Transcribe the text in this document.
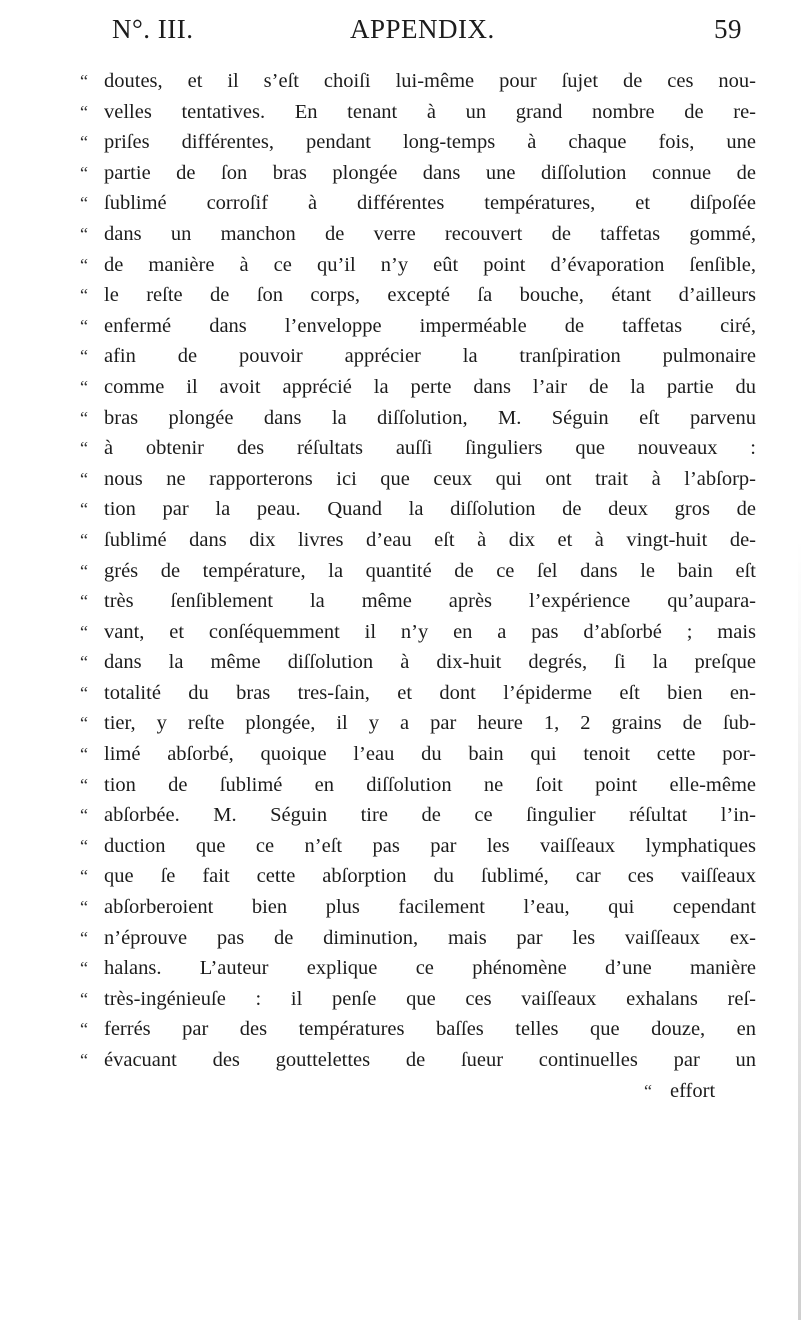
N°. III.	APPENDIX.	59
“ doutes, et il s’eſt choiſi lui-même pour ſujet de ces nou-
“ velles tentatives. En tenant à un grand nombre de re-
“ priſes différentes, pendant long-temps à chaque fois, une
“ partie de ſon bras plongée dans une diſſolution connue de
“ ſublimé corroſif à différentes températures, et diſpoſée
“ dans un manchon de verre recouvert de taffetas gommé,
“ de manière à ce qu’il n’y eût point d’évaporation ſenſible,
“ le reſte de ſon corps, excepté ſa bouche, étant d’ailleurs
“ enfermé dans l’enveloppe imperméable de taffetas ciré,
“ afin de pouvoir apprécier la tranſpiration pulmonaire
“ comme il avoit apprécié la perte dans l’air de la partie du
“ bras plongée dans la diſſolution, M. Séguin eſt parvenu
“ à obtenir des réſultats auſſi ſinguliers que nouveaux :
“ nous ne rapporterons ici que ceux qui ont trait à l’abſorp-
“ tion par la peau. Quand la diſſolution de deux gros de
“ ſublimé dans dix livres d’eau eſt à dix et à vingt-huit de-
“ grés de température, la quantité de ce ſel dans le bain eſt
“ très ſenſiblement la même après l’expérience qu’aupara-
“ vant, et conſéquemment il n’y en a pas d’abſorbé ; mais
“ dans la même diſſolution à dix-huit degrés, ſi la preſque
“ totalité du bras tres-ſain, et dont l’épiderme eſt bien en-
“ tier, y reſte plongée, il y a par heure 1, 2 grains de ſub-
“ limé abſorbé, quoique l’eau du bain qui tenoit cette por-
“ tion de ſublimé en diſſolution ne ſoit point elle-même
“ abſorbée. M. Séguin tire de ce ſingulier réſultat l’in-
“ duction que ce n’eſt pas par les vaiſſeaux lymphatiques
“ que ſe fait cette abſorption du ſublimé, car ces vaiſſeaux
“ abſorberoient bien plus facilement l’eau, qui cependant
“ n’éprouve pas de diminution, mais par les vaiſſeaux ex-
“ halans. L’auteur explique ce phénomène d’une manière
“ très-ingénieuſe : il penſe que ces vaiſſeaux exhalans reſ-
“ ferrés par des températures baſſes telles que douze, en
“ évacuant des gouttelettes de ſueur continuelles par un
“ effort
